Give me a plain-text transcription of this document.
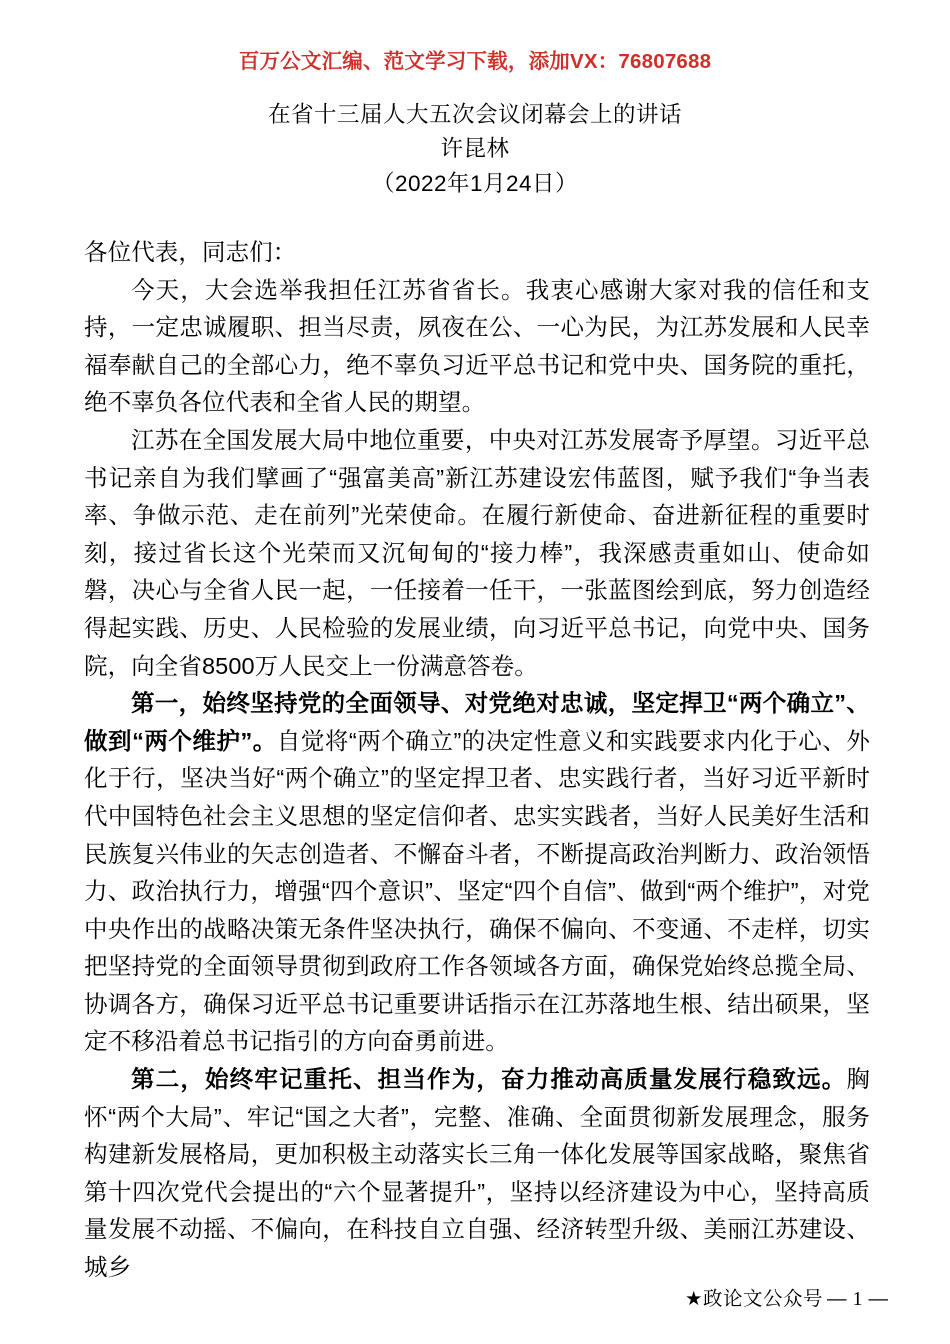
百万公文汇编、范文学习下载，添加VX：76807688
在省十三届人大五次会议闭幕会上的讲话
许昆林
（2022年1月24日）

各位代表，同志们：

今天，大会选举我担任江苏省省长。我衷心感谢大家对我的信任和支持，一定忠诚履职、担当尽责，夙夜在公、一心为民，为江苏发展和人民幸福奉献自己的全部心力，绝不辜负习近平总书记和党中央、国务院的重托，绝不辜负各位代表和全省人民的期望。

江苏在全国发展大局中地位重要，中央对江苏发展寄予厚望。习近平总书记亲自为我们擘画了“强富美高”新江苏建设宏伟蓝图，赋予我们“争当表率、争做示范、走在前列”光荣使命。在履行新使命、奋进新征程的重要时刻，接过省长这个光荣而又沉甸甸的“接力棒”，我深感责重如山、使命如磐，决心与全省人民一起，一任接着一任干，一张蓝图绘到底，努力创造经得起实践、历史、人民检验的发展业绩，向习近平总书记，向党中央、国务院，向全省8500万人民交上一份满意答卷。

第一，始终坚持党的全面领导、对党绝对忠诚，坚定捍卫“两个确立”、做到“两个维护”。自觉将“两个确立”的决定性意义和实践要求内化于心、外化于行，坚决当好“两个确立”的坚定捍卫者、忠实践行者，当好习近平新时代中国特色社会主义思想的坚定信仰者、忠实实践者，当好人民美好生活和民族复兴伟业的矢志创造者、不懈奋斗者，不断提高政治判断力、政治领悟力、政治执行力，增强“四个意识”、坚定“四个自信”、做到“两个维护”，对党中央作出的战略决策无条件坚决执行，确保不偏向、不变通、不走样，切实把坚持党的全面领导贯彻到政府工作各领域各方面，确保党始终总揽全局、协调各方，确保习近平总书记重要讲话指示在江苏落地生根、结出硕果，坚定不移沿着总书记指引的方向奋勇前进。

第二，始终牢记重托、担当作为，奋力推动高质量发展行稳致远。胸怀“两个大局”、牢记“国之大者”，完整、准确、全面贯彻新发展理念，服务构建新发展格局，更加积极主动落实长三角一体化发展等国家战略，聚焦省第十四次党代会提出的“六个显著提升”，坚持以经济建设为中心，坚持高质量发展不动摇、不偏向，在科技自立自强、经济转型升级、美丽江苏建设、城乡

★政论文公众号 — 1 —
